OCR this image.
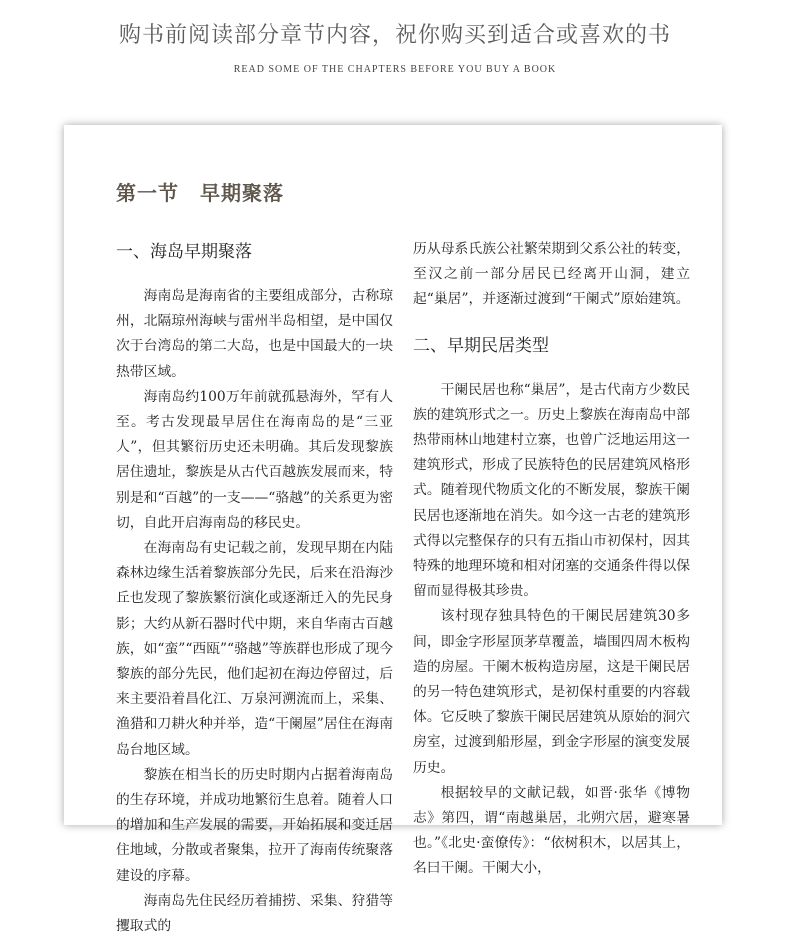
购书前阅读部分章节内容，祝你购买到适合或喜欢的书
READ SOME OF THE CHAPTERS BEFORE YOU BUY A BOOK
第一节　早期聚落
一、海岛早期聚落

海南岛是海南省的主要组成部分，古称琼州，北隔琼州海峡与雷州半岛相望，是中国仅次于台湾岛的第二大岛，也是中国最大的一块热带区域。

海南岛约100万年前就孤悬海外，罕有人至。考古发现最早居住在海南岛的是“三亚人”，但其繁衍历史还未明确。其后发现黎族居住遗址，黎族是从古代百越族发展而来，特别是和“百越”的一支——“骆越”的关系更为密切，自此开启海南岛的移民史。

在海南岛有史记载之前，发现早期在内陆森林边缘生活着黎族部分先民，后来在沿海沙丘也发现了黎族繁衍演化或逐渐迁入的先民身影；大约从新石器时代中期，来自华南古百越族，如“蛮”“西瓯”“骆越”等族群也形成了现今黎族的部分先民，他们起初在海边停留过，后来主要沿着昌化江、万泉河溯流而上，采集、渔猎和刀耕火种并举，造“干阑屋”居住在海南岛台地区域。

黎族在相当长的历史时期内占据着海南岛的生存环境，并成功地繁衍生息着。随着人口的增加和生产发展的需要，开始拓展和变迁居住地域，分散或者聚集，拉开了海南传统聚落建设的序幕。

海南岛先住民经历着捕捞、采集、狩猎等攫取式的

历从母系氏族公社繁荣期到父系公社的转变，至汉之前一部分居民已经离开山洞，建立起“巢居”，并逐渐过渡到“干阑式”原始建筑。

二、早期民居类型

干阑民居也称“巢居”，是古代南方少数民族的建筑形式之一。历史上黎族在海南岛中部热带雨林山地建村立寨，也曾广泛地运用这一建筑形式，形成了民族特色的民居建筑风格形式。随着现代物质文化的不断发展，黎族干阑民居也逐渐地在消失。如今这一古老的建筑形式得以完整保存的只有五指山市初保村，因其特殊的地理环境和相对闭塞的交通条件得以保留而显得极其珍贵。

该村现存独具特色的干阑民居建筑30多间，即金字形屋顶茅草覆盖，墙围四周木板构造的房屋。干阑木板构造房屋，这是干阑民居的另一特色建筑形式，是初保村重要的内容载体。它反映了黎族干阑民居建筑从原始的洞穴房室，过渡到船形屋，到金字形屋的演变发展历史。

根据较早的文献记载，如晋·张华《博物志》第四，谓“南越巢居，北朔穴居，避寒暑也。”《北史·蛮僚传》：“依树积木，以居其上，名曰干阑。干阑大小，
